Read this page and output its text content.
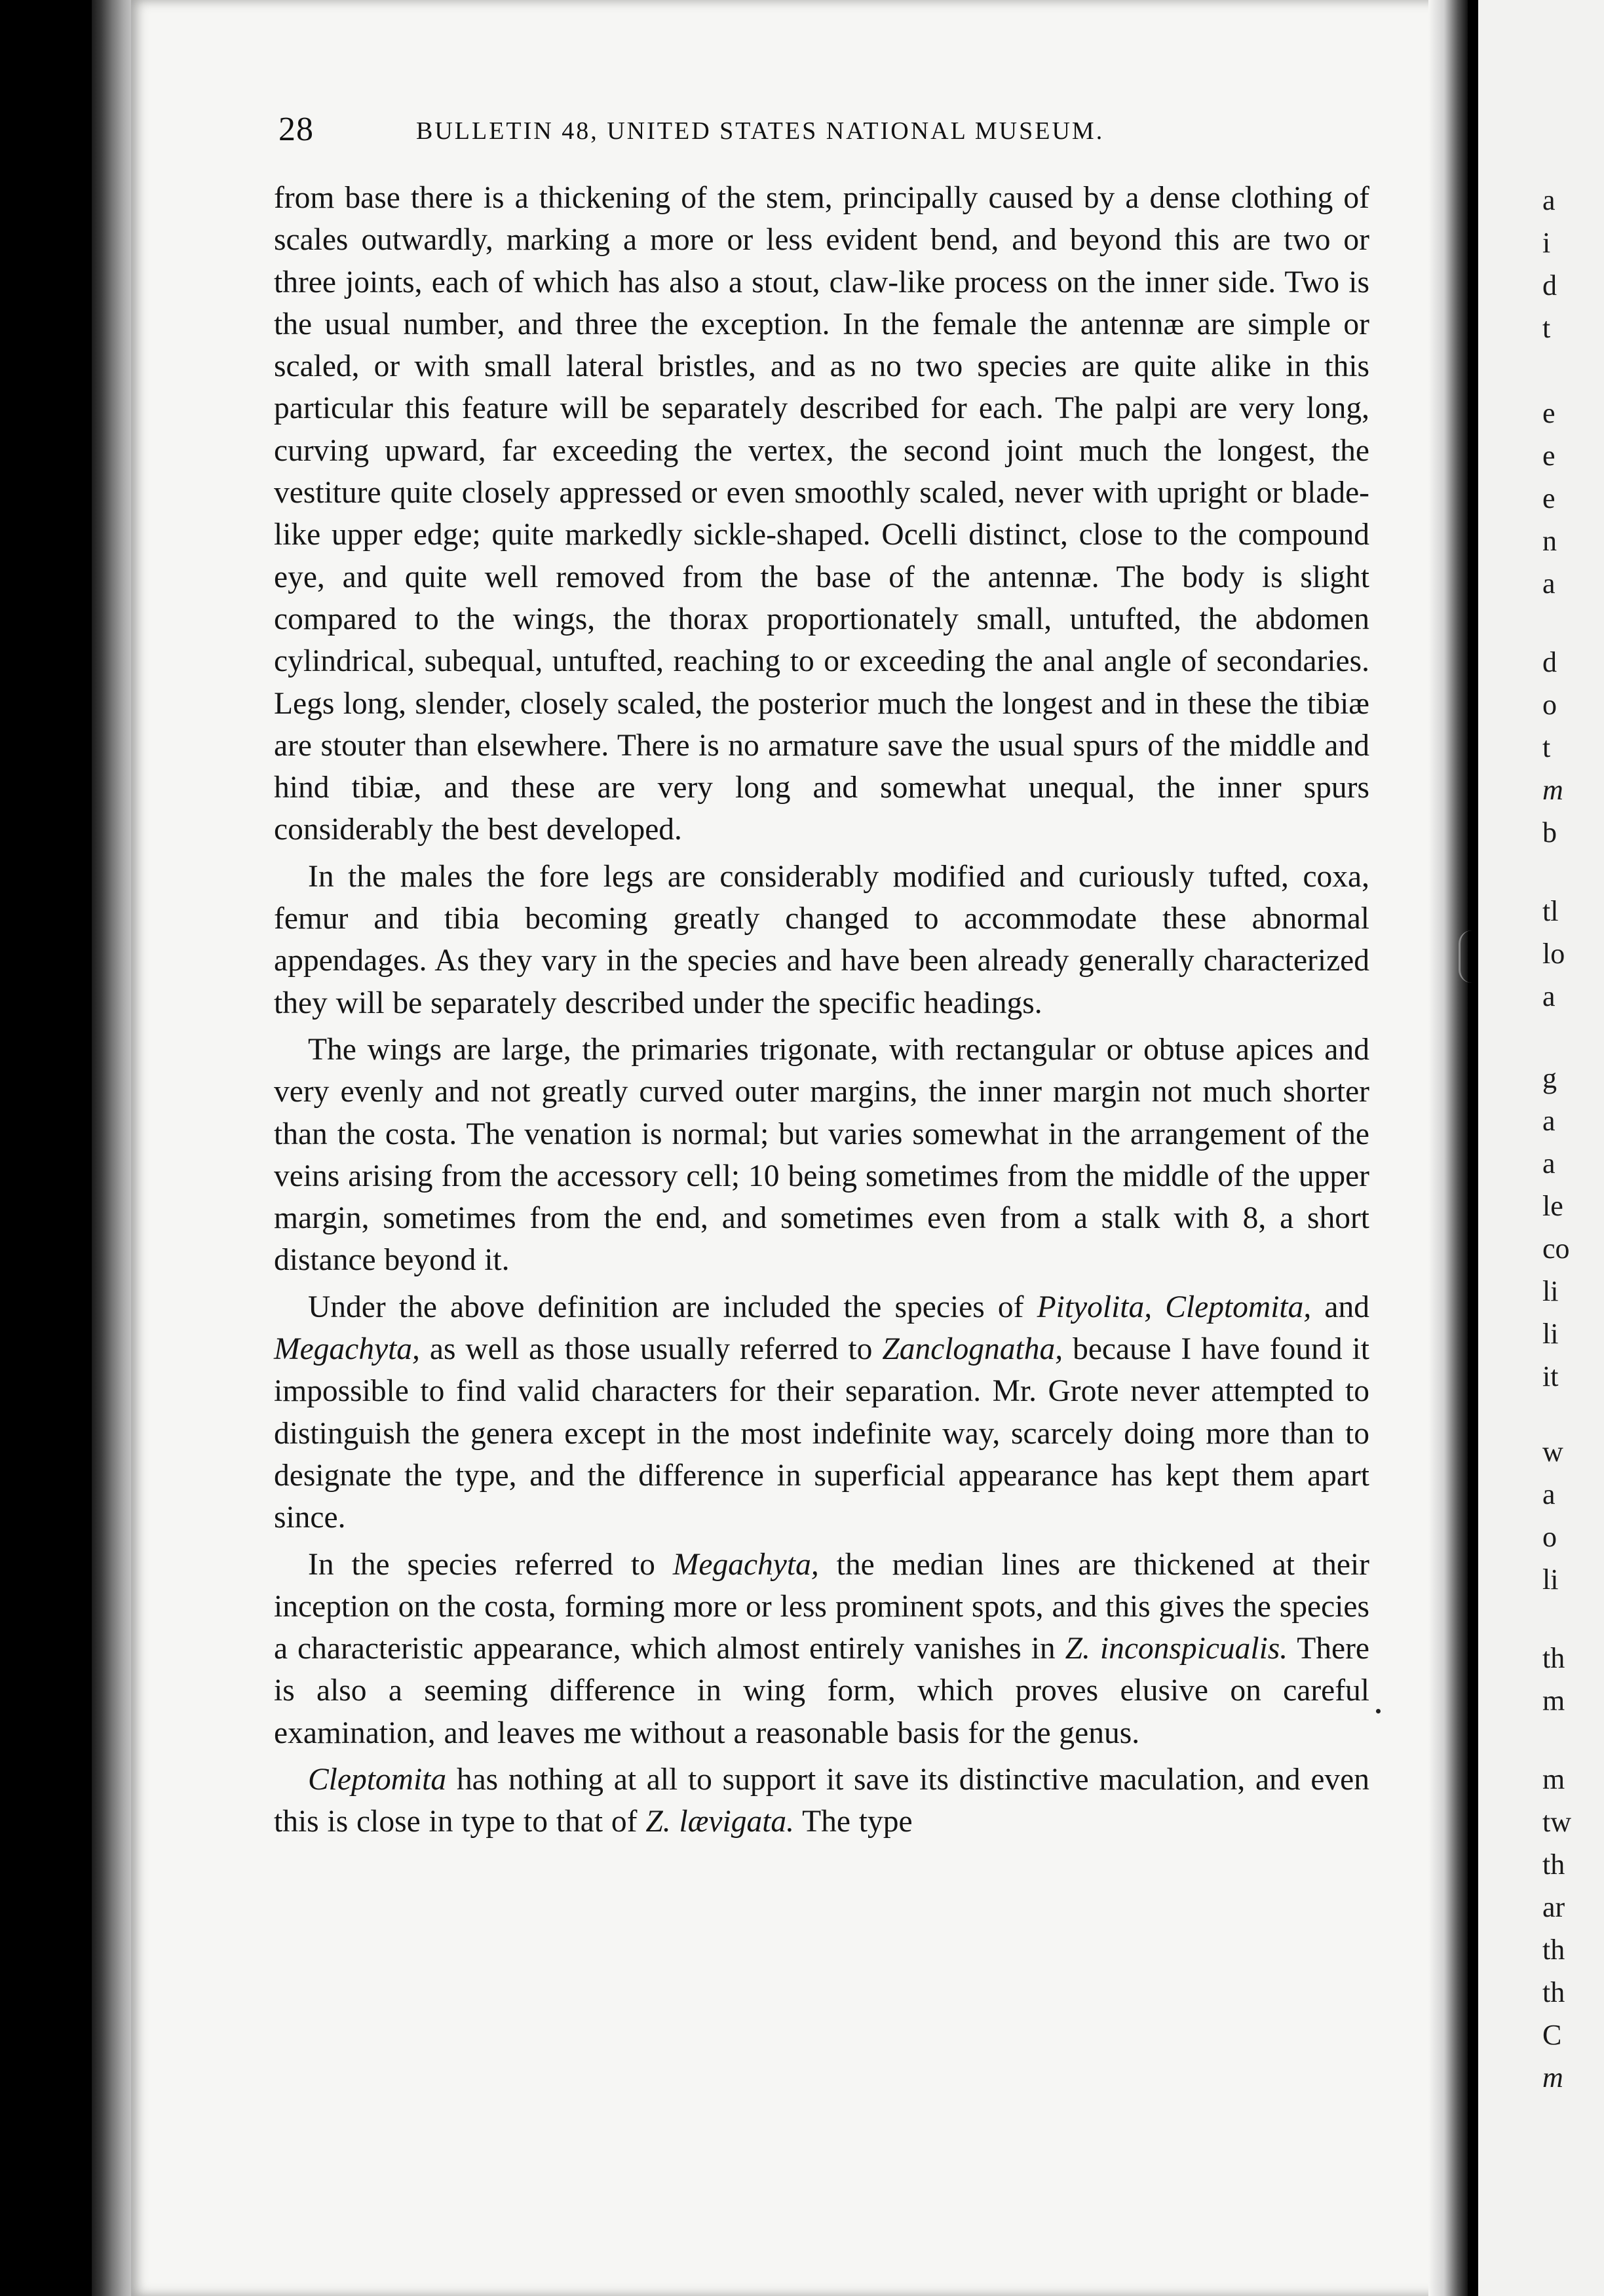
a
i
d
t
e
e
e
n
a
d
o
t
m
b
tl
lo
a
g
a
a
le
co
li
li
it
w
a
o
li
th
m
m
tw
th
ar
th
th
C
m
28	BULLETIN 48, UNITED STATES NATIONAL MUSEUM.

from base there is a thickening of the stem, principally caused by a dense clothing of scales outwardly, marking a more or less evident bend, and beyond this are two or three joints, each of which has also a stout, claw-like process on the inner side. Two is the usual number, and three the exception. In the female the antennæ are simple or scaled, or with small lateral bristles, and as no two species are quite alike in this particular this feature will be separately described for each. The palpi are very long, curving upward, far exceeding the vertex, the second joint much the longest, the vestiture quite closely appressed or even smoothly scaled, never with upright or blade-like upper edge; quite markedly sickle-shaped. Ocelli distinct, close to the compound eye, and quite well removed from the base of the antennæ. The body is slight compared to the wings, the thorax proportionately small, untufted, the abdomen cylindrical, subequal, untufted, reaching to or exceeding the anal angle of secondaries. Legs long, slender, closely scaled, the posterior much the longest and in these the tibiæ are stouter than elsewhere. There is no armature save the usual spurs of the middle and hind tibiæ, and these are very long and somewhat unequal, the inner spurs considerably the best developed.

In the males the fore legs are considerably modified and curiously tufted, coxa, femur and tibia becoming greatly changed to accommodate these abnormal appendages. As they vary in the species and have been already generally characterized they will be separately described under the specific headings.

The wings are large, the primaries trigonate, with rectangular or obtuse apices and very evenly and not greatly curved outer margins, the inner margin not much shorter than the costa. The venation is normal; but varies somewhat in the arrangement of the veins arising from the accessory cell; 10 being sometimes from the middle of the upper margin, sometimes from the end, and sometimes even from a stalk with 8, a short distance beyond it.

Under the above definition are included the species of Pityolita, Cleptomita, and Megachyta, as well as those usually referred to Zanclognatha, because I have found it impossible to find valid characters for their separation. Mr. Grote never attempted to distinguish the genera except in the most indefinite way, scarcely doing more than to designate the type, and the difference in superficial appearance has kept them apart since.

In the species referred to Megachyta, the median lines are thickened at their inception on the costa, forming more or less prominent spots, and this gives the species a characteristic appearance, which almost entirely vanishes in Z. inconspicualis. There is also a seeming difference in wing form, which proves elusive on careful examination, and leaves me without a reasonable basis for the genus.

Cleptomita has nothing at all to support it save its distinctive maculation, and even this is close in type to that of Z. lævigata. The type
